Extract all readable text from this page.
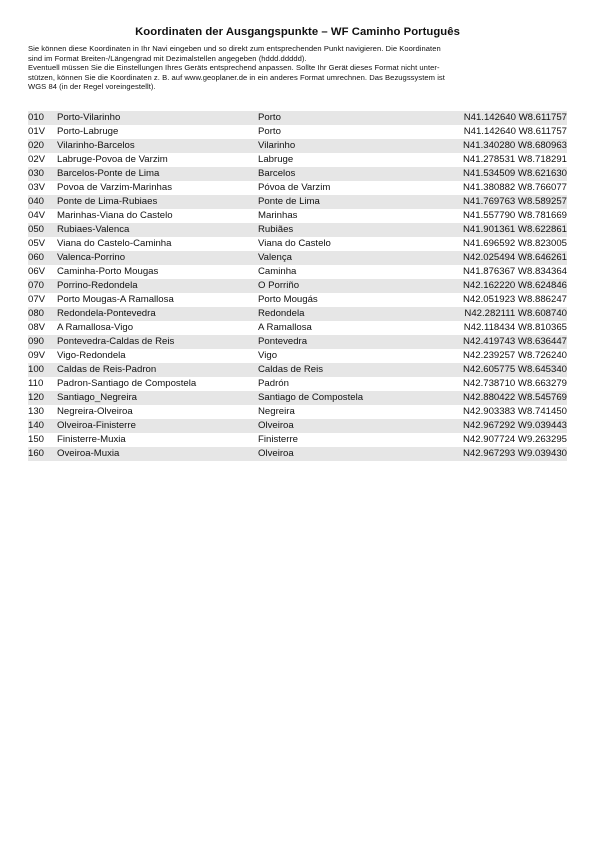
Koordinaten der Ausgangspunkte – WF Caminho Português

Sie können diese Koordinaten in Ihr Navi eingeben und so direkt zum entsprechenden Punkt navigieren. Die Koordinaten

sind im Format Breiten-/Längengrad mit Dezimalstellen angegeben (hddd.ddddd).

Eventuell müssen Sie die Einstellungen Ihres Geräts entsprechend anpassen. Sollte Ihr Gerät dieses Format nicht unter-

stützen, können Sie die Koordinaten z. B. auf www.geoplaner.de in ein anderes Format umrechnen. Das Bezugssystem ist

WGS 84 (in der Regel voreingestellt).

010	Porto-Vilarinho	Porto	N41.142640 W8.611757
01V	Porto-Labruge	Porto	N41.142640 W8.611757
020	Vilarinho-Barcelos	Vilarinho	N41.340280 W8.680963
02V	Labruge-Povoa de Varzim	Labruge	N41.278531 W8.718291
030	Barcelos-Ponte de Lima	Barcelos	N41.534509 W8.621630
03V	Povoa de Varzim-Marinhas	Póvoa de Varzim	N41.380882 W8.766077
040	Ponte de Lima-Rubiaes	Ponte de Lima	N41.769763 W8.589257
04V	Marinhas-Viana do Castelo	Marinhas	N41.557790 W8.781669
050	Rubiaes-Valenca	Rubiães	N41.901361 W8.622861
05V	Viana do Castelo-Caminha	Viana do Castelo	N41.696592 W8.823005
060	Valenca-Porrino	Valença	N42.025494 W8.646261
06V	Caminha-Porto Mougas	Caminha	N41.876367 W8.834364
070	Porrino-Redondela	O Porriño	N42.162220 W8.624846
07V	Porto Mougas-A Ramallosa	Porto Mougás	N42.051923 W8.886247
080	Redondela-Pontevedra	Redondela	N42.282111 W8.608740
08V	A Ramallosa-Vigo	A Ramallosa	N42.118434 W8.810365
090	Pontevedra-Caldas de Reis	Pontevedra	N42.419743 W8.636447
09V	Vigo-Redondela	Vigo	N42.239257 W8.726240
100	Caldas de Reis-Padron	Caldas de Reis	N42.605775 W8.645340
110	Padron-Santiago de Compostela	Padrón	N42.738710 W8.663279
120	Santiago_Negreira	Santiago de Compostela	N42.880422 W8.545769
130	Negreira-Olveiroa	Negreira	N42.903383 W8.741450
140	Olveiroa-Finisterre	Olveiroa	N42.967292 W9.039443
150	Finisterre-Muxia	Finisterre	N42.907724 W9.263295
160	Oveiroa-Muxia	Olveiroa	N42.967293 W9.039430
